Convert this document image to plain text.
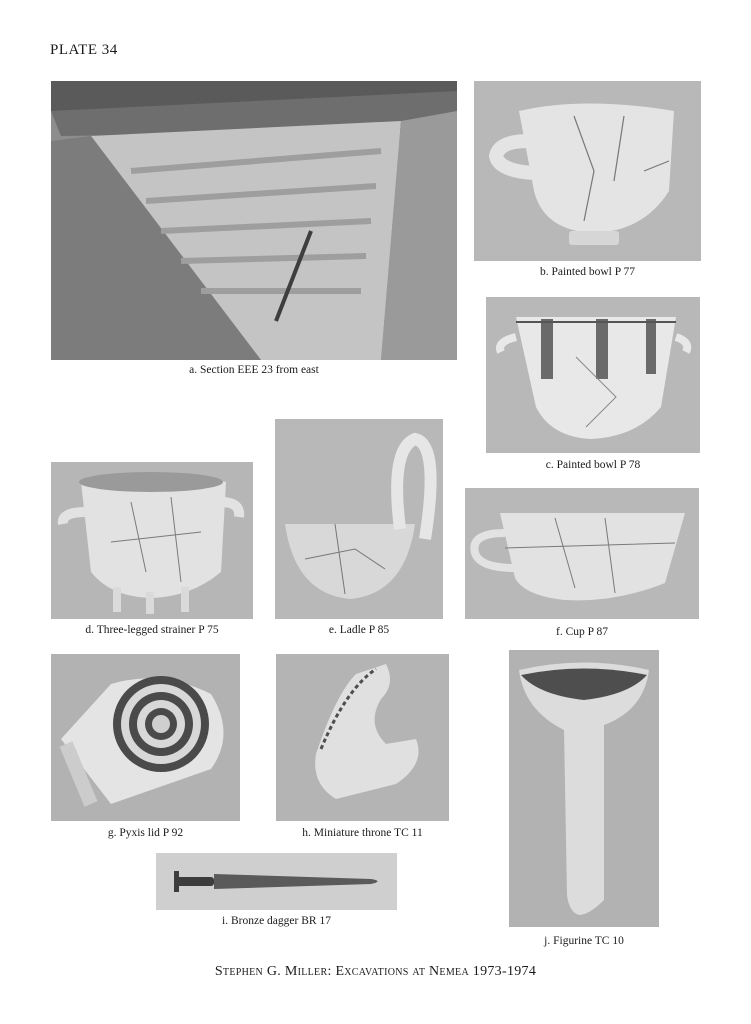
PLATE 34
a. Section EEE 23 from east
b. Painted bowl P 77
c. Painted bowl P 78
d. Three-legged strainer P 75	e. Ladle P 85	f. Cup P 87
g. Pyxis lid P 92	h. Miniature throne TC 11
i. Bronze dagger BR 17
j. Figurine TC 10
Stephen G. Miller: Excavations at Nemea 1973-1974
